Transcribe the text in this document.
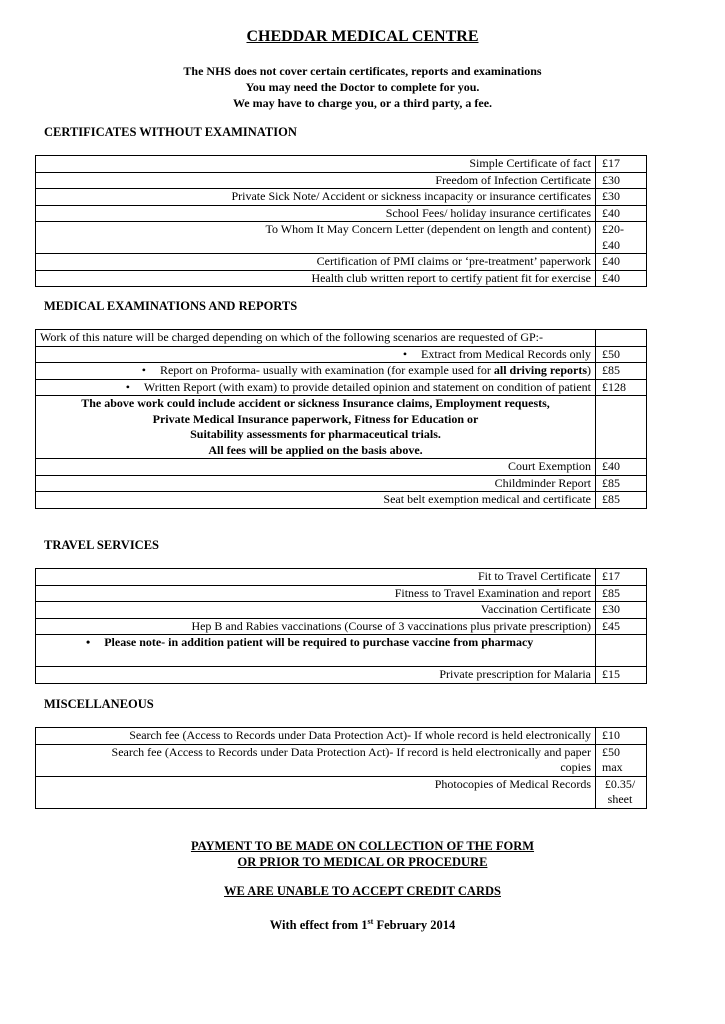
CHEDDAR MEDICAL CENTRE
The NHS does not cover certain certificates, reports and examinations
You may need the Doctor to complete for you.
We may have to charge you, or a third party, a fee.
CERTIFICATES WITHOUT EXAMINATION
Simple Certificate of fact	£17
Freedom of Infection Certificate	£30
Private Sick Note/ Accident or sickness incapacity or insurance certificates	£30
School Fees/ holiday insurance certificates	£40
To Whom It May Concern Letter (dependent on length and content)	£20-
£40
Certification of PMI claims or ‘pre-treatment’ paperwork	£40
Health club written report to certify patient fit for exercise	£40
MEDICAL EXAMINATIONS AND REPORTS
Work of this nature will be charged depending on which of the following scenarios are requested of GP:-	
• Extract from Medical Records only	£50
• Report on Proforma- usually with examination (for example used for all driving reports)	£85
• Written Report (with exam) to provide detailed opinion and statement on condition of patient	£128
The above work could include accident or sickness Insurance claims, Employment requests,
Private Medical Insurance paperwork, Fitness for Education or
Suitability assessments for pharmaceutical trials.
All fees will be applied on the basis above.	
Court Exemption	£40
Childminder Report	£85
Seat belt exemption medical and certificate	£85
TRAVEL SERVICES
Fit to Travel Certificate	£17
Fitness to Travel Examination and report	£85
Vaccination Certificate	£30
Hep B and Rabies vaccinations (Course of 3 vaccinations plus private prescription)	£45
• Please note- in addition patient will be required to purchase vaccine from pharmacy	
Private prescription for Malaria	£15
MISCELLANEOUS
Search fee (Access to Records under Data Protection Act)- If whole record is held electronically	£10
Search fee (Access to Records under Data Protection Act)- If record is held electronically and paper
copies	£50
max
Photocopies of Medical Records	£0.35/
sheet
PAYMENT TO BE MADE ON COLLECTION OF THE FORM
OR PRIOR TO MEDICAL OR PROCEDURE
WE ARE UNABLE TO ACCEPT CREDIT CARDS
With effect from 1st February 2014
